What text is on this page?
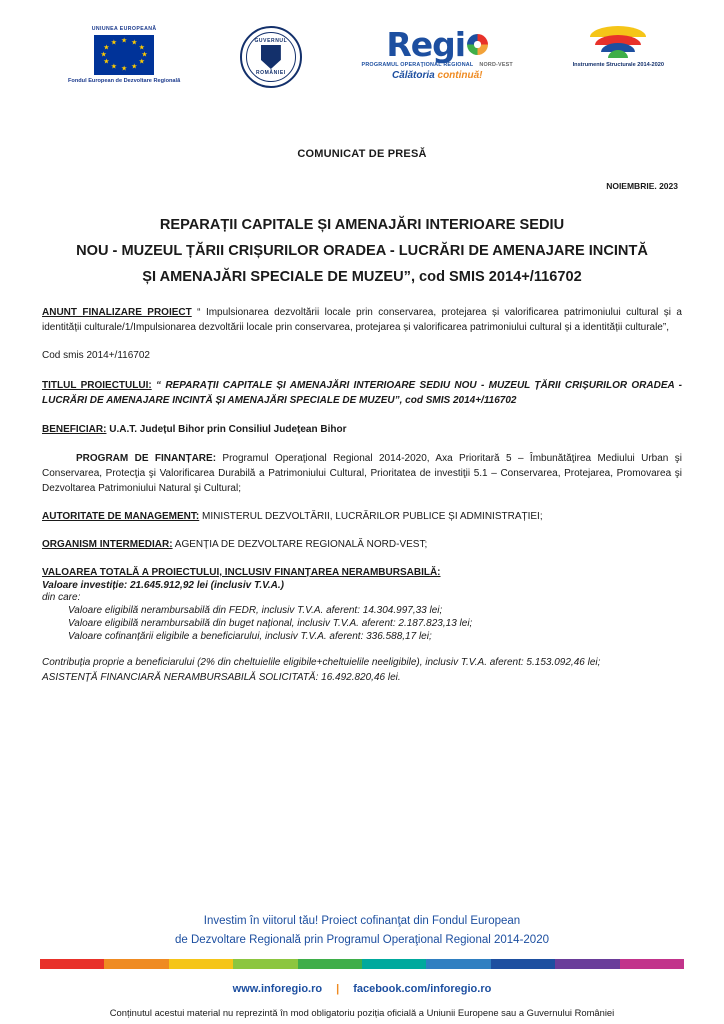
UNIUNEA EUROPEANĂ
★ ★
★
★
★
★
★
★
★
★
★
★
Fondul European de Dezvoltare Regională
GUVERNUL
ROMÂNIEI
Regi
PROGRAMUL OPERAŢIONAL REGIONAL NORD-VEST
Călătoria continuă!
Instrumente Structurale 2014-2020
COMUNICAT DE PRESĂ
NOIEMBRIE. 2023
REPARAȚII CAPITALE ȘI AMENAJĂRI INTERIOARE SEDIU
NOU - MUZEUL ȚĂRII CRIȘURILOR ORADEA - LUCRĂRI DE AMENAJARE INCINTĂ
ȘI AMENAJĂRI SPECIALE DE MUZEU”, cod SMIS 2014+/116702
ANUNT FINALIZARE PROIECT “ Impulsionarea dezvoltării locale prin conservarea, protejarea și valorificarea patrimoniului cultural și a identității culturale/1/Impulsionarea dezvoltării locale prin conservarea, protejarea și valorificarea patrimoniului cultural și a identității culturale”,
Cod smis 2014+/116702
TITLUL PROIECTULUI: “ REPARAȚII CAPITALE ȘI AMENAJĂRI INTERIOARE SEDIU NOU - MUZEUL ȚĂRII CRIȘURILOR ORADEA - LUCRĂRI DE AMENAJARE INCINTĂ ȘI AMENAJĂRI SPECIALE DE MUZEU”, cod SMIS 2014+/116702
BENEFICIAR: U.A.T. Județul Bihor prin Consiliul Județean Bihor
PROGRAM DE FINANȚARE: Programul Operaţional Regional 2014-2020, Axa Prioritară 5 – Îmbunătăţirea Mediului Urban şi Conservarea, Protecţia şi Valorificarea Durabilă a Patrimoniului Cultural, Prioritatea de investiţii 5.1 – Conservarea, Protejarea, Promovarea şi Dezvoltarea Patrimoniului Natural şi Cultural;
AUTORITATE DE MANAGEMENT: MINISTERUL DEZVOLTĂRII, LUCRĂRILOR PUBLICE ȘI ADMINISTRAȚIEI;
ORGANISM INTERMEDIAR: AGENȚIA DE DEZVOLTARE REGIONALĂ NORD-VEST;
VALOAREA TOTALĂ A PROIECTULUI, INCLUSIV FINANȚAREA NERAMBURSABILĂ:
Valoare investiție: 21.645.912,92 lei (inclusiv T.V.A.)
din care:
Valoare eligibilă nerambursabilă din FEDR, inclusiv T.V.A. aferent: 14.304.997,33 lei;
Valoare eligibilă nerambursabilă din buget național, inclusiv T.V.A. aferent: 2.187.823,13 lei;
Valoare cofinanțării eligibile a beneficiarului, inclusiv T.V.A. aferent: 336.588,17 lei;
Contribuția proprie a beneficiarului (2% din cheltuielile eligibile+cheltuielile neeligibile), inclusiv T.V.A. aferent: 5.153.092,46 lei;
ASISTENȚĂ FINANCIARĂ NERAMBURSABILĂ SOLICITATĂ: 16.492.820,46 lei.
Investim în viitorul tău! Proiect cofinanţat din Fondul European
de Dezvoltare Regională prin Programul Operaţional Regional 2014-2020
www.inforegio.ro | facebook.com/inforegio.ro
Conținutul acestui material nu reprezintă în mod obligatoriu poziția oficială a Uniunii Europene sau a Guvernului României
